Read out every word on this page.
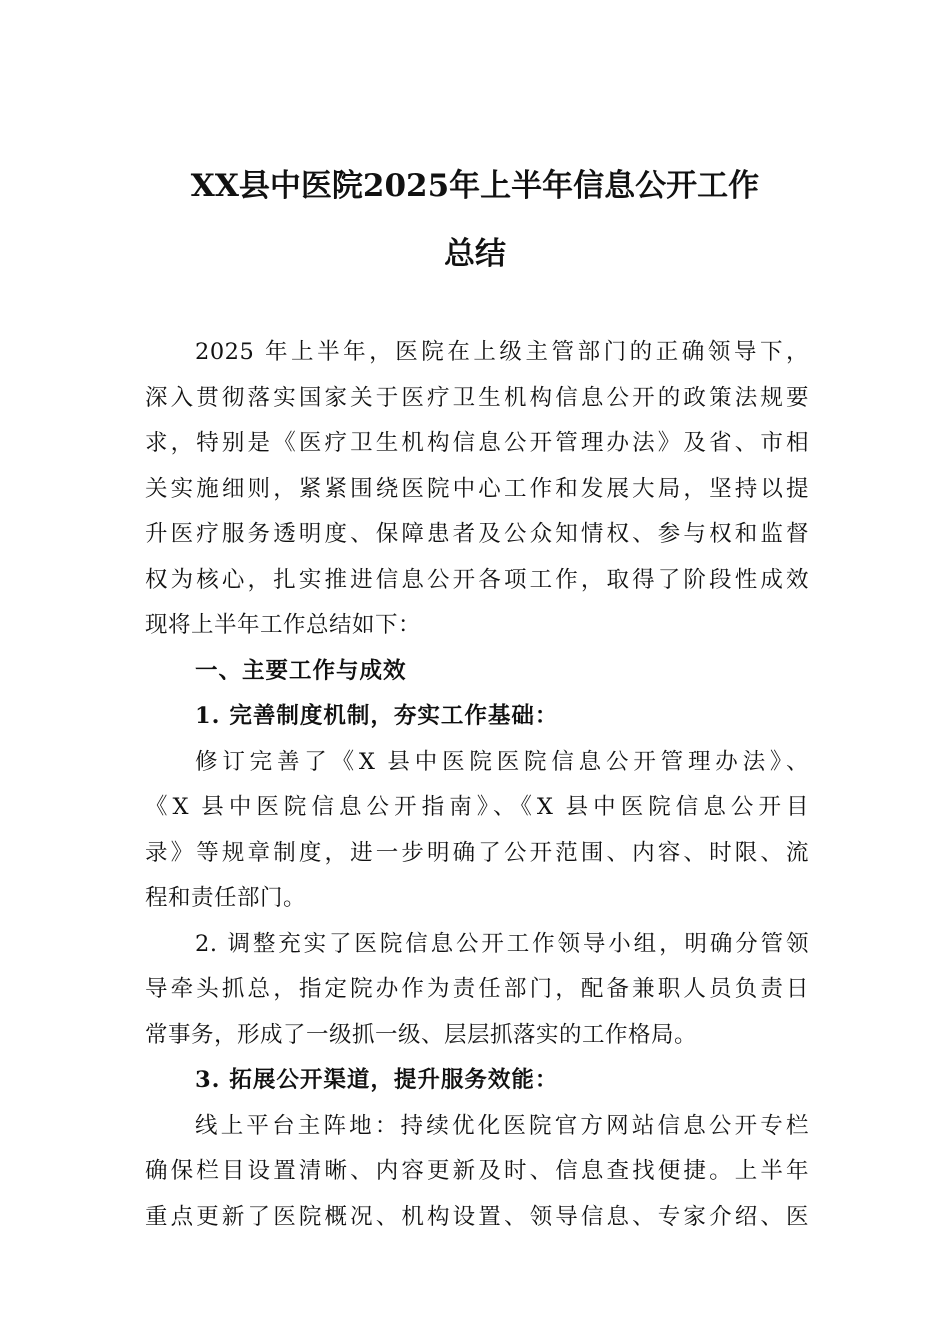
XX县中医院2025年上半年信息公开工作
总结
2025 年上半年，医院在上级主管部门的正确领导下，
深入贯彻落实国家关于医疗卫生机构信息公开的政策法规要
求，特别是《医疗卫生机构信息公开管理办法》及省、市相
关实施细则，紧紧围绕医院中心工作和发展大局，坚持以提
升医疗服务透明度、保障患者及公众知情权、参与权和监督
权为核心，扎实推进信息公开各项工作，取得了阶段性成效
现将上半年工作总结如下：
一、主要工作与成效
1. 完善制度机制，夯实工作基础：
修订完善了《X 县中医院医院信息公开管理办法》、
《X 县中医院信息公开指南》、《X 县中医院信息公开目
录》等规章制度，进一步明确了公开范围、内容、时限、流
程和责任部门。
2. 调整充实了医院信息公开工作领导小组，明确分管领
导牵头抓总，指定院办作为责任部门，配备兼职人员负责日
常事务，形成了一级抓一级、层层抓落实的工作格局。
3. 拓展公开渠道，提升服务效能：
线上平台主阵地：持续优化医院官方网站信息公开专栏
确保栏目设置清晰、内容更新及时、信息查找便捷。上半年
重点更新了医院概况、机构设置、领导信息、专家介绍、医
